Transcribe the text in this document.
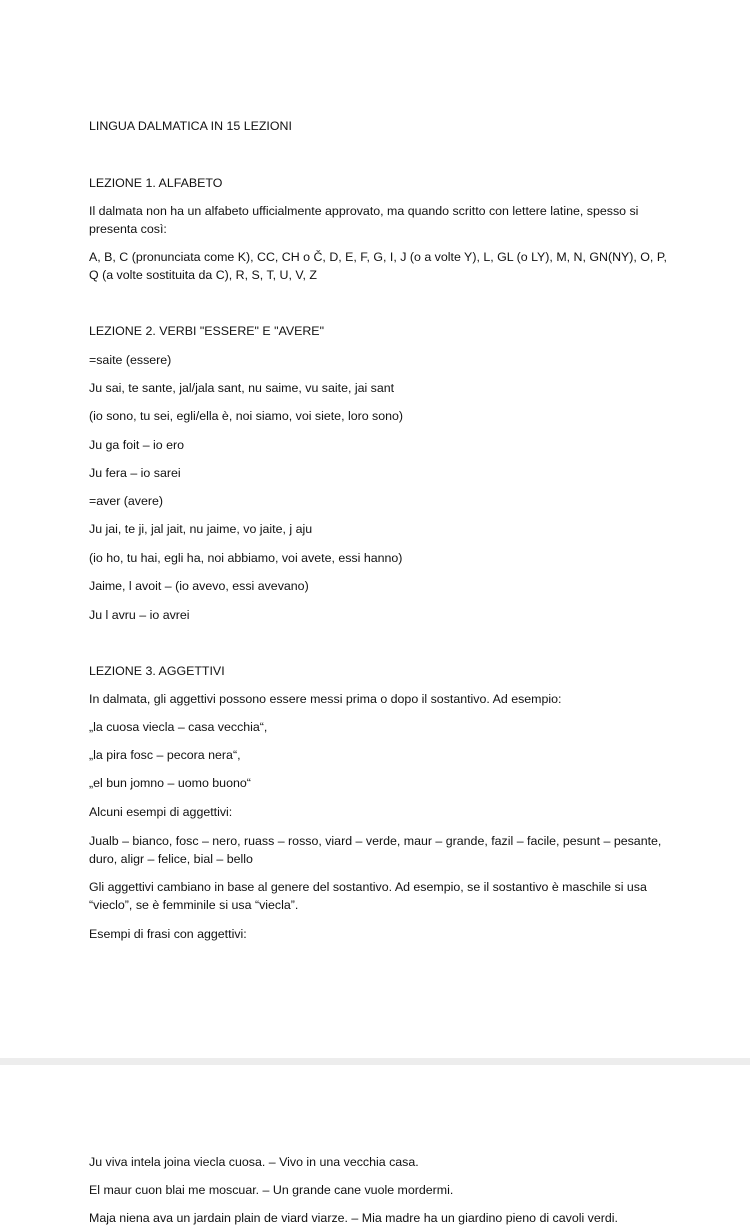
LINGUA DALMATICA IN 15 LEZIONI

LEZIONE 1. ALFABETO

Il dalmata non ha un alfabeto ufficialmente approvato, ma quando scritto con lettere latine, spesso si presenta così:

A, B, C (pronunciata come K), CC, CH o Č, D, E, F, G, I, J (o a volte Y), L, GL (o LY), M, N, GN(NY), O, P, Q (a volte sostituita da C), R, S, T, U, V, Z

LEZIONE 2. VERBI "ESSERE" E "AVERE"

=saite (essere)

Ju sai, te sante, jal/jala sant, nu saime, vu saite, jai sant

(io sono, tu sei, egli/ella è, noi siamo, voi siete, loro sono)

Ju ga foit – io ero

Ju fera – io sarei

=aver (avere)

Ju jai, te ji, jal jait, nu jaime, vo jaite, j aju

(io ho, tu hai, egli ha, noi abbiamo, voi avete, essi hanno)

Jaime, l avoit – (io avevo, essi avevano)

Ju l avru – io avrei

LEZIONE 3. AGGETTIVI

In dalmata, gli aggettivi possono essere messi prima o dopo il sostantivo. Ad esempio:

„la cuosa viecla – casa vecchia“,

„la pira fosc – pecora nera“,

„el bun jomno – uomo buono“

Alcuni esempi di aggettivi:

Jualb – bianco, fosc – nero, ruass – rosso, viard – verde, maur – grande, fazil – facile, pesunt – pesante, duro, aligr – felice, bial – bello

Gli aggettivi cambiano in base al genere del sostantivo. Ad esempio, se il sostantivo è maschile si usa “vieclo”, se è femminile si usa “viecla”.

Esempi di frasi con aggettivi:

Ju viva intela joina viecla cuosa. – Vivo in una vecchia casa.

El maur cuon blai me moscuar. – Un grande cane vuole mordermi.

Maja niena ava un jardain plain de viard viarze. – Mia madre ha un giardino pieno di cavoli verdi.
